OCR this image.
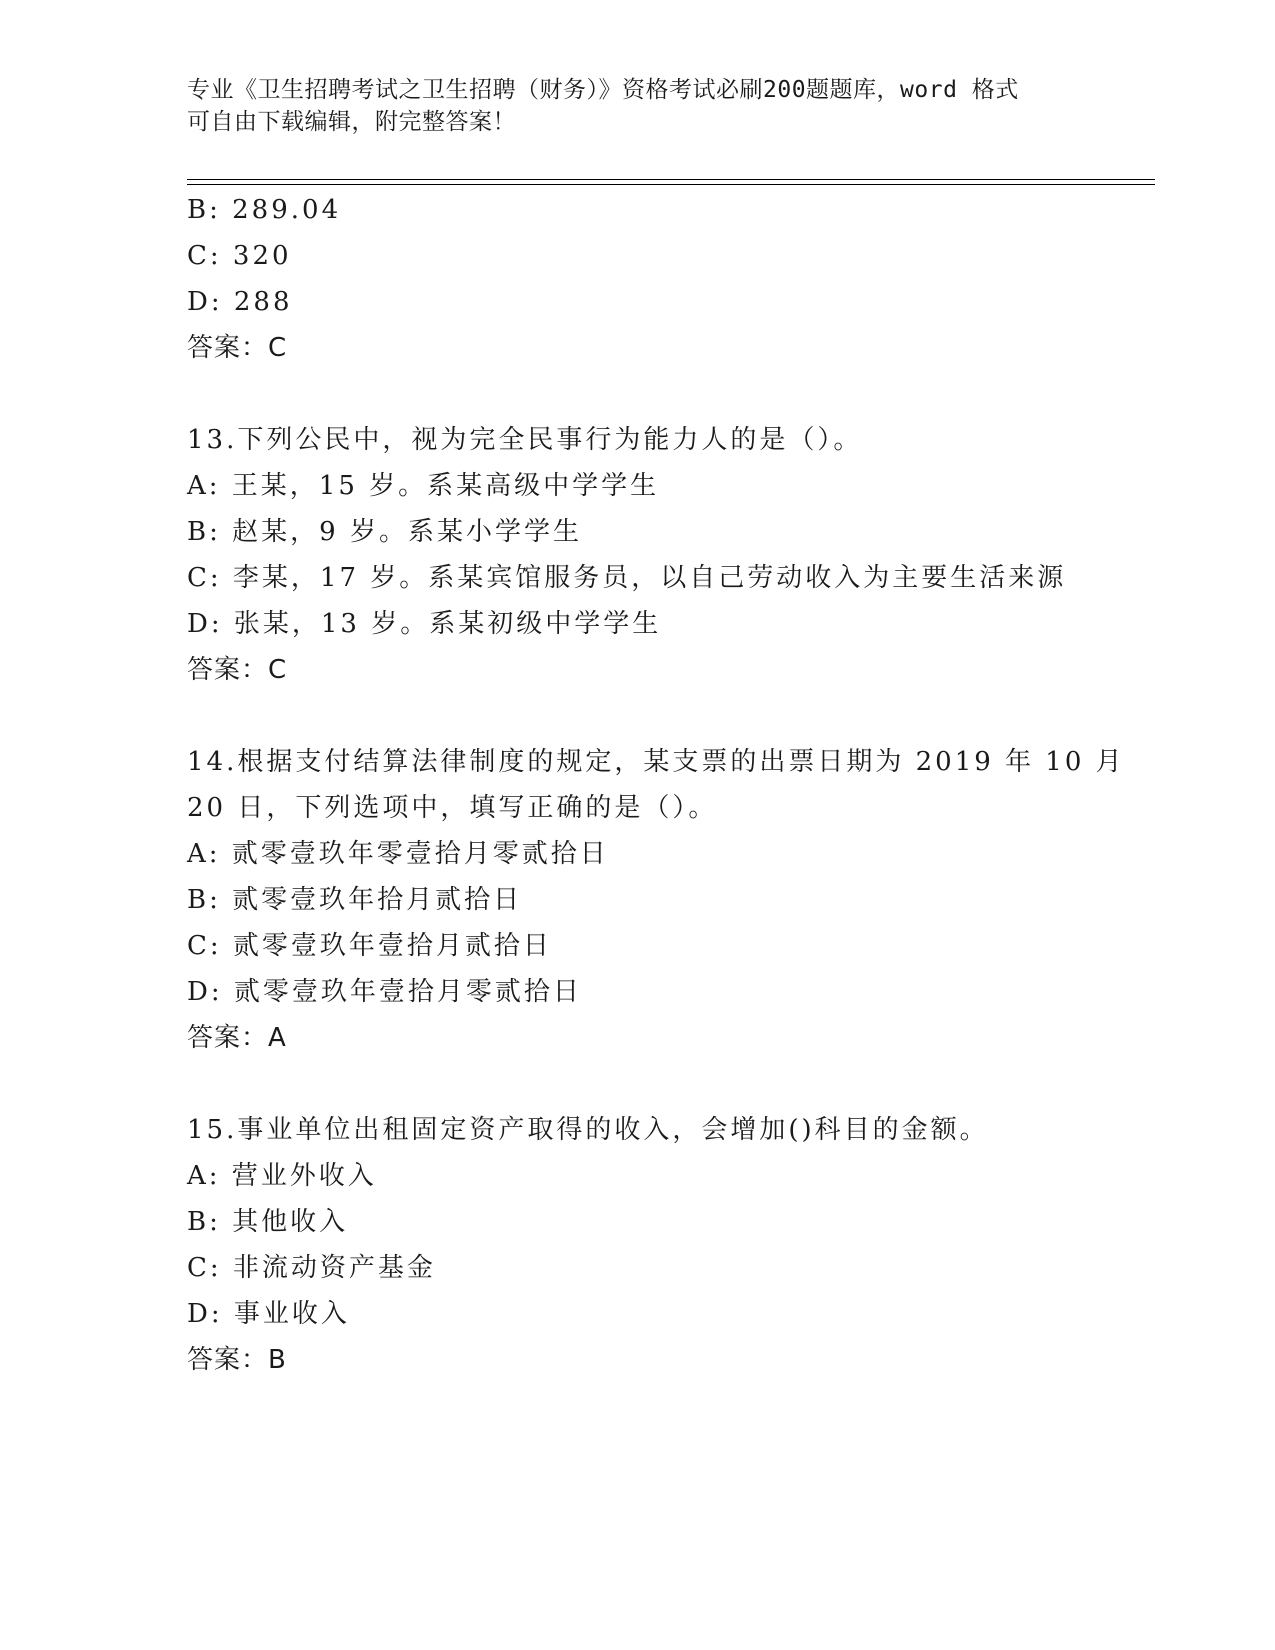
专业《卫生招聘考试之卫生招聘（财务）》资格考试必刷200题题库，word 格式
可自由下载编辑，附完整答案！
B: 289.04
C: 320
D: 288
答案：C
13.下列公民中，视为完全民事行为能力人的是（）。
A: 王某，15 岁。系某高级中学学生
B: 赵某，9 岁。系某小学学生
C: 李某，17 岁。系某宾馆服务员，以自己劳动收入为主要生活来源
D: 张某，13 岁。系某初级中学学生
答案：C
14.根据支付结算法律制度的规定，某支票的出票日期为 2019 年 10 月
20 日，下列选项中，填写正确的是（）。
A: 贰零壹玖年零壹拾月零贰拾日
B: 贰零壹玖年拾月贰拾日
C: 贰零壹玖年壹拾月贰拾日
D: 贰零壹玖年壹拾月零贰拾日
答案：A
15.事业单位出租固定资产取得的收入，会增加()科目的金额。
A: 营业外收入
B: 其他收入
C: 非流动资产基金
D: 事业收入
答案：B
